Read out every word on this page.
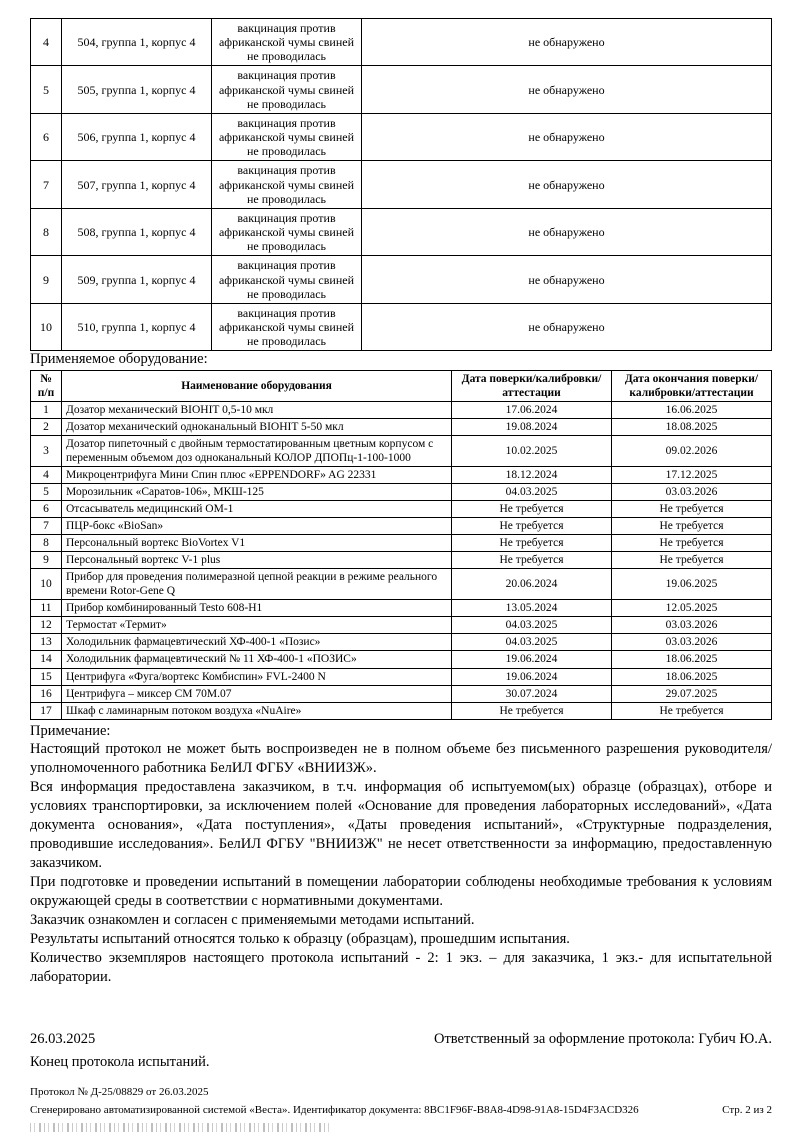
4	504, группа 1, корпус 4	вакцинация против африканской чумы свиней не проводилась	не обнаружено
5	505, группа 1, корпус 4	вакцинация против африканской чумы свиней не проводилась	не обнаружено
6	506, группа 1, корпус 4	вакцинация против африканской чумы свиней не проводилась	не обнаружено
7	507, группа 1, корпус 4	вакцинация против африканской чумы свиней не проводилась	не обнаружено
8	508, группа 1, корпус 4	вакцинация против африканской чумы свиней не проводилась	не обнаружено
9	509, группа 1, корпус 4	вакцинация против африканской чумы свиней не проводилась	не обнаружено
10	510, группа 1, корпус 4	вакцинация против африканской чумы свиней не проводилась	не обнаружено
Применяемое оборудование:
№ п/п	Наименование оборудования	Дата поверки/калибровки/аттестации	Дата окончания поверки/калибровки/аттестации
1	Дозатор механический BIOHIT 0,5-10 мкл	17.06.2024	16.06.2025
2	Дозатор механический одноканальный BIOHIT 5-50 мкл	19.08.2024	18.08.2025
3	Дозатор пипеточный с двойным термостатированным цветным корпусом с переменным объемом доз одноканальный КОЛОР ДПОПц-1-100-1000	10.02.2025	09.02.2026
4	Микроцентрифуга Мини Спин плюс «EPPENDORF» AG 22331	18.12.2024	17.12.2025
5	Морозильник «Саратов-106», МКШ-125	04.03.2025	03.03.2026
6	Отсасыватель медицинский ОМ-1	Не требуется	Не требуется
7	ПЦР-бокс «BioSan»	Не требуется	Не требуется
8	Персональный вортекс BioVortex V1	Не требуется	Не требуется
9	Персональный вортекс V-1 plus	Не требуется	Не требуется
10	Прибор для проведения полимеразной цепной реакции в режиме реального времени Rotor-Gene Q	20.06.2024	19.06.2025
11	Прибор комбинированный Testo 608-H1	13.05.2024	12.05.2025
12	Термостат «Термит»	04.03.2025	03.03.2026
13	Холодильник фармацевтический ХФ-400-1 «Позис»	04.03.2025	03.03.2026
14	Холодильник фармацевтический № 11 ХФ-400-1 «ПОЗИС»	19.06.2024	18.06.2025
15	Центрифуга «Фуга/вортекс Комбиспин» FVL-2400 N	19.06.2024	18.06.2025
16	Центрифуга – миксер СМ 70М.07	30.07.2024	29.07.2025
17	Шкаф с ламинарным потоком воздуха «NuAire»	Не требуется	Не требуется
Примечание:

Настоящий протокол не может быть воспроизведен не в полном объеме без письменного разрешения руководителя/уполномоченного работника БелИЛ ФГБУ «ВНИИЗЖ».

Вся информация предоставлена заказчиком, в т.ч. информация об испытуемом(ых) образце (образцах), отборе и условиях транспортировки, за исключением полей «Основание для проведения лабораторных исследований», «Дата документа основания», «Дата поступления», «Даты проведения испытаний», «Структурные подразделения, проводившие исследования». БелИЛ ФГБУ "ВНИИЗЖ" не несет ответственности за информацию, предоставленную заказчиком.

При подготовке и проведении испытаний в помещении лаборатории соблюдены необходимые требования к условиям окружающей среды в соответствии с нормативными документами.

Заказчик ознакомлен и согласен с применяемыми методами испытаний.

Результаты испытаний относятся только к образцу (образцам), прошедшим испытания.

Количество экземпляров настоящего протокола испытаний - 2: 1 экз. – для заказчика, 1 экз.- для испытательной лаборатории.

26.03.2025	Ответственный за оформление протокола: Губич Ю.А.
Конец протокола испытаний.
Протокол № Д-25/08829 от 26.03.2025
Сгенерировано автоматизированной системой «Веста». Идентификатор документа: 8BC1F96F-B8A8-4D98-91A8-15D4F3ACD326	Стр. 2 из 2
